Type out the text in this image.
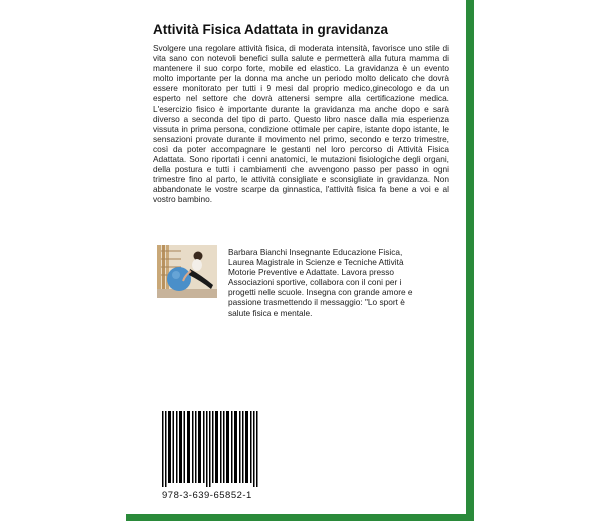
Attività Fisica Adattata in gravidanza
Svolgere una regolare attività fisica, di moderata intensità, favorisce uno stile di vita sano con notevoli benefici sulla salute e permetterà alla futura mamma di mantenere il suo corpo forte, mobile ed elastico. La gravidanza è un evento molto importante per la donna ma anche un periodo molto delicato che dovrà essere monitorato per tutti i 9 mesi dal proprio medico,ginecologo e da un esperto nel settore che dovrà attenersi sempre alla certificazione medica. L'esercizio fisico è importante durante la gravidanza ma anche dopo e sarà diverso a seconda del tipo di parto. Questo libro nasce dalla mia esperienza vissuta in prima persona, condizione ottimale per capire, istante dopo istante, le sensazioni provate durante il movimento nel primo, secondo e terzo trimestre, così da poter accompagnare le gestanti nel loro percorso di Attività Fisica Adattata. Sono riportati i cenni anatomici, le mutazioni fisiologiche degli organi, della postura e tutti i cambiamenti che avvengono passo per passo in ogni trimestre fino al parto, le attività consigliate e sconsigliate in gravidanza. Non abbandonate le vostre scarpe da ginnastica, l'attività fisica fa bene a voi e al vostro bambino.
Barbara Bianchi Insegnante Educazione Fisica, Laurea Magistrale in Scienze e Tecniche Attività Motorie Preventive e Adattate. Lavora presso Associazioni sportive, collabora con il coni per i progetti nelle scuole. Insegna con grande amore e passione trasmettendo il messaggio: "Lo sport è salute fisica e mentale.
978-3-639-65852-1
